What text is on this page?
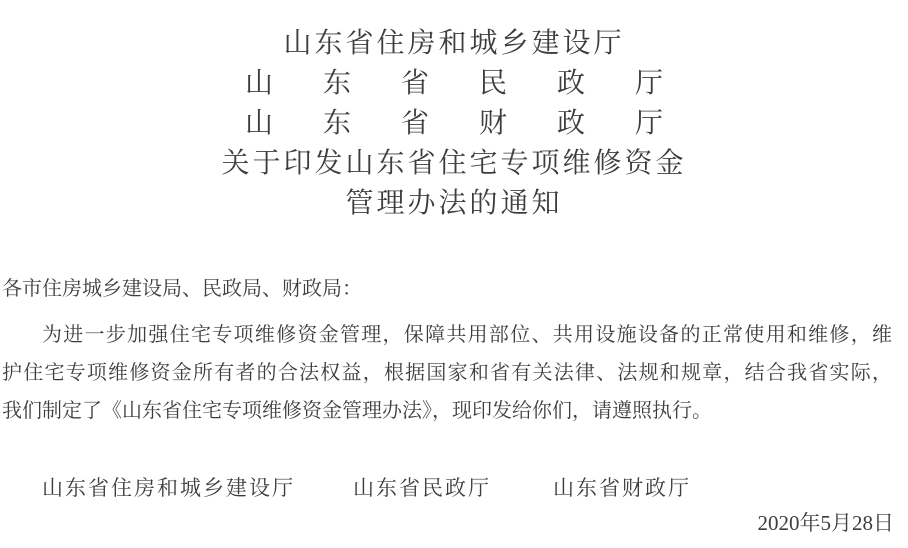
山东省住房和城乡建设厅
山东省民政厅
山东省财政厅
关于印发山东省住宅专项维修资金
管理办法的通知

各市住房城乡建设局、民政局、财政局：

为进一步加强住宅专项维修资金管理，保障共用部位、共用设施设备的正常使用和维修，维
护住宅专项维修资金所有者的合法权益，根据国家和省有关法律、法规和规章，结合我省实际，
我们制定了《山东省住宅专项维修资金管理办法》，现印发给你们，请遵照执行。
山东省住房和城乡建设厅	山东省民政厅	山东省财政厅
2020年5月28日
